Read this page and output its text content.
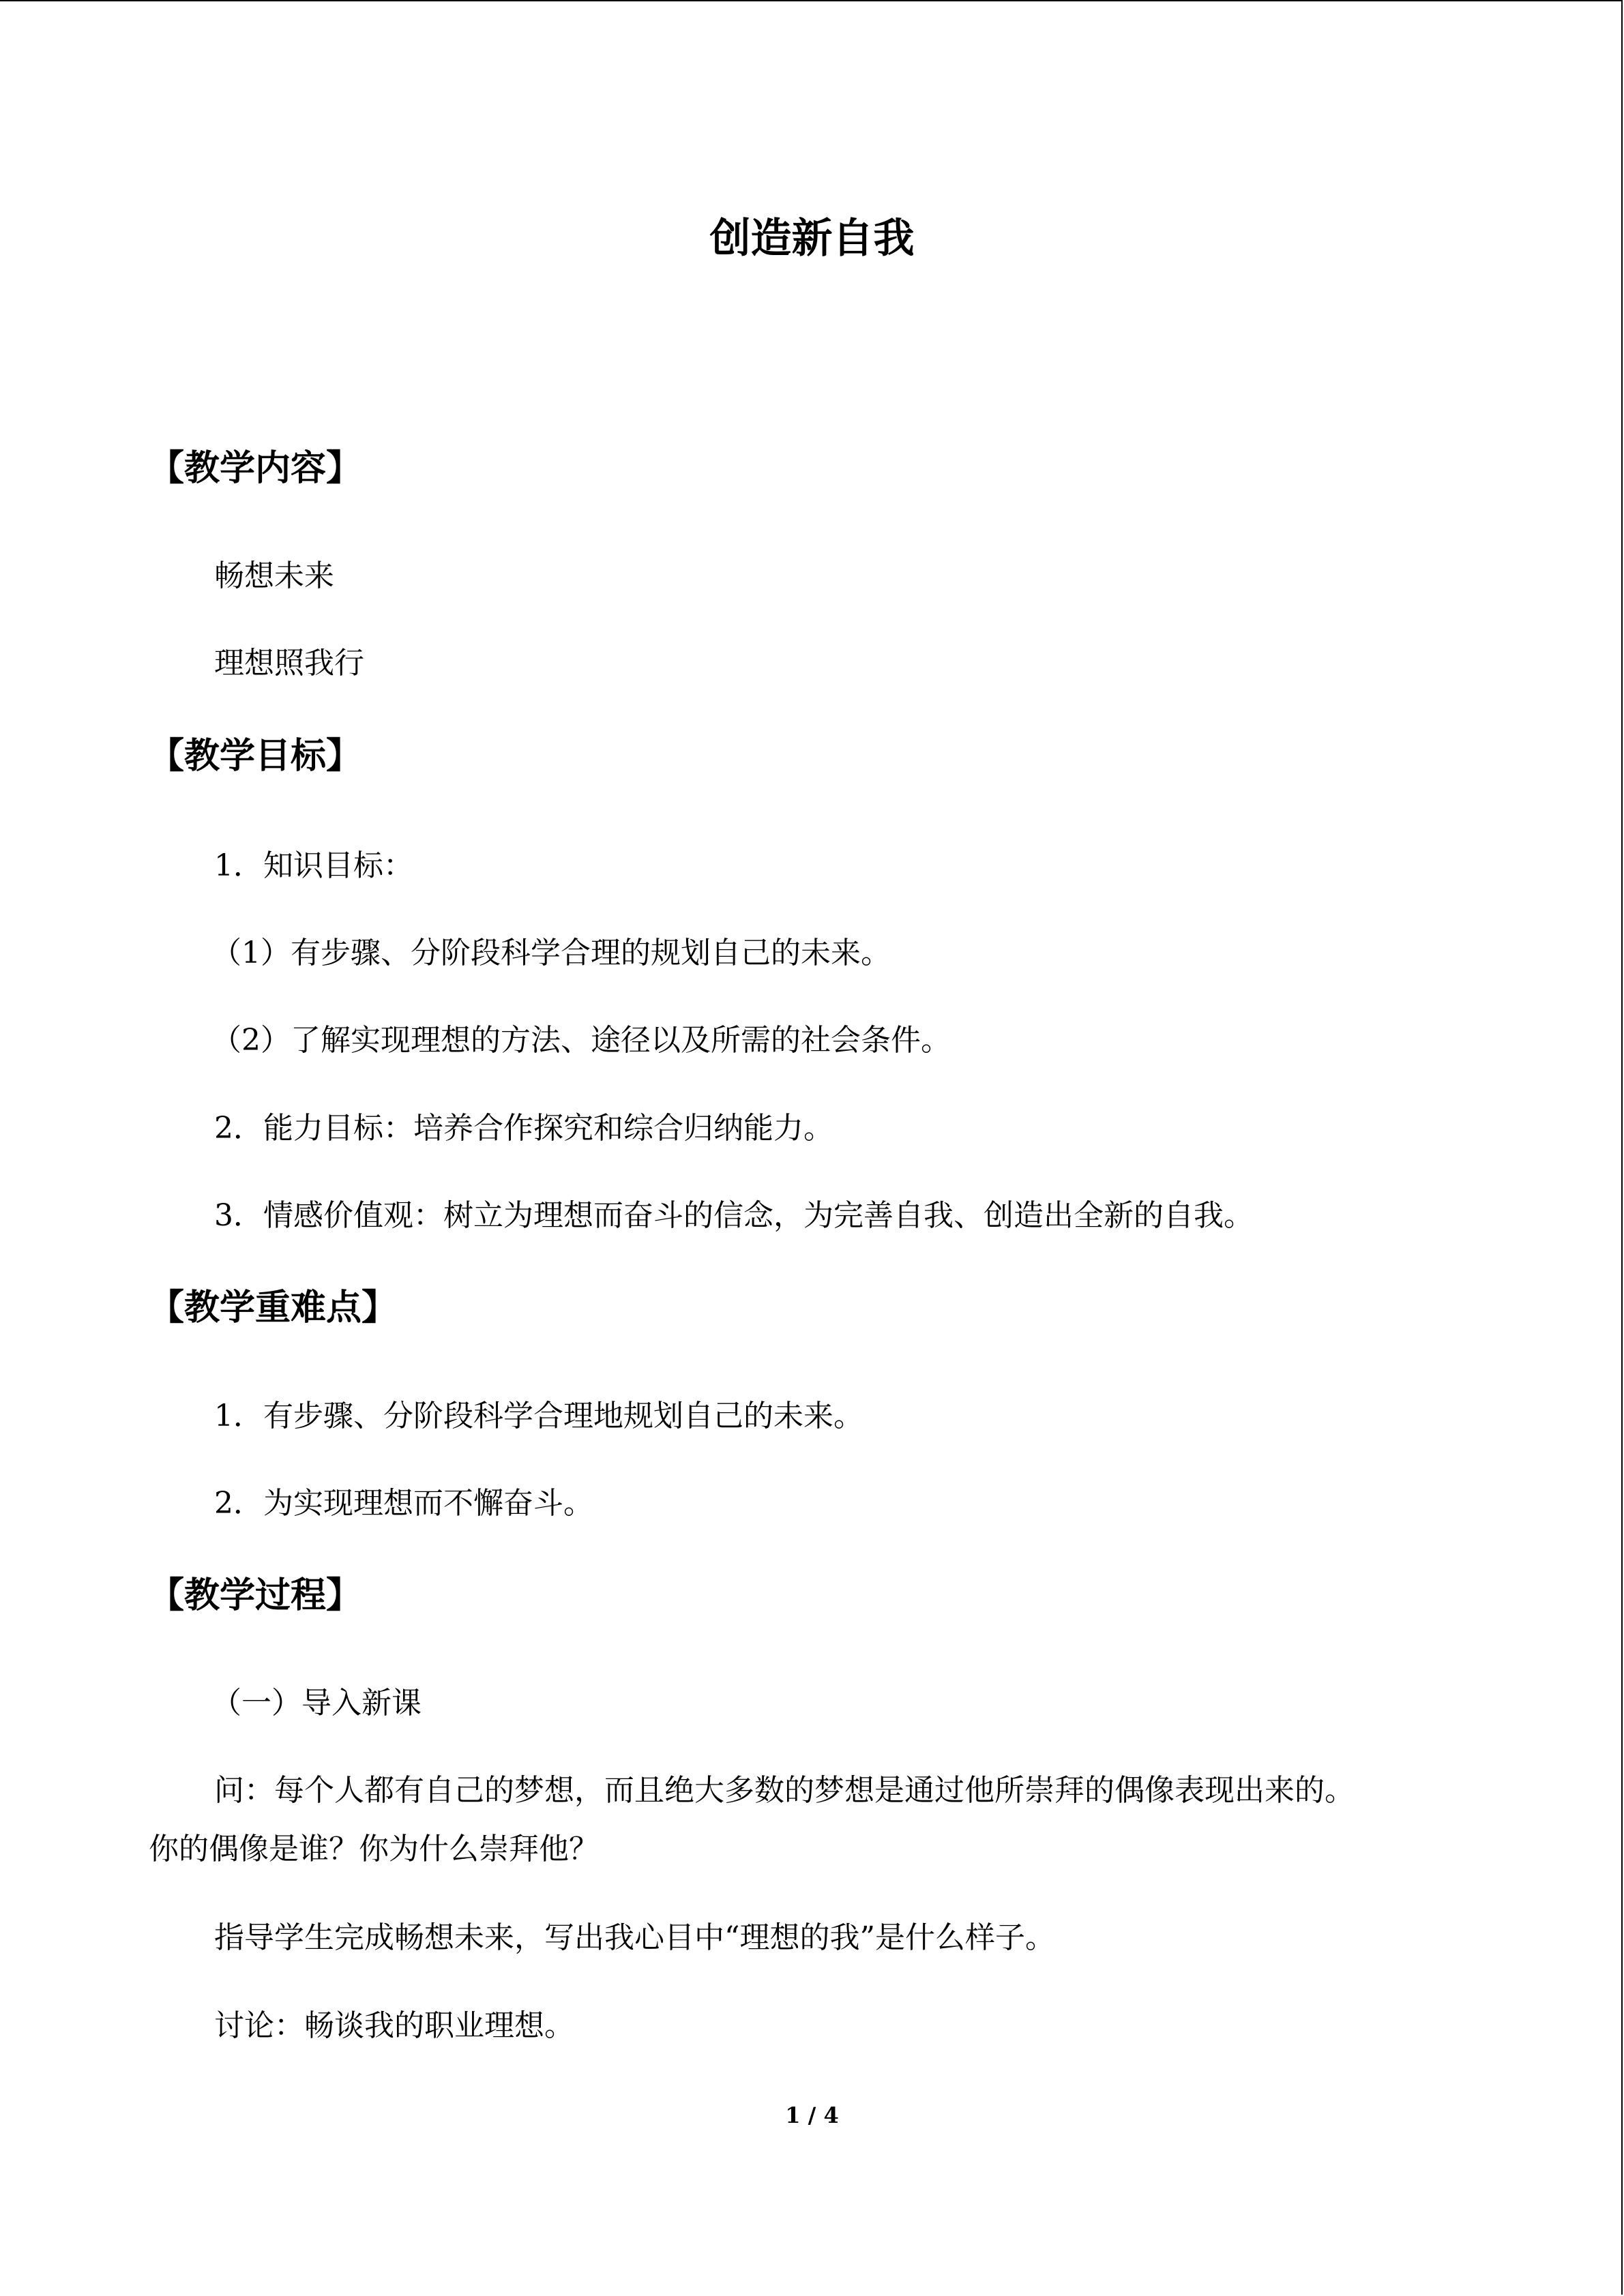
创造新自我
【教学内容】
畅想未来
理想照我行
【教学目标】
1．知识目标：
（1）有步骤、分阶段科学合理的规划自己的未来。
（2）了解实现理想的方法、途径以及所需的社会条件。
2．能力目标：培养合作探究和综合归纳能力。
3．情感价值观：树立为理想而奋斗的信念，为完善自我、创造出全新的自我。
【教学重难点】
1．有步骤、分阶段科学合理地规划自己的未来。
2．为实现理想而不懈奋斗。
【教学过程】
（一）导入新课
问：每个人都有自己的梦想，而且绝大多数的梦想是通过他所崇拜的偶像表现出来的。
你的偶像是谁？你为什么崇拜他？
指导学生完成畅想未来，写出我心目中“理想的我”是什么样子。
讨论：畅谈我的职业理想。
1 / 4
